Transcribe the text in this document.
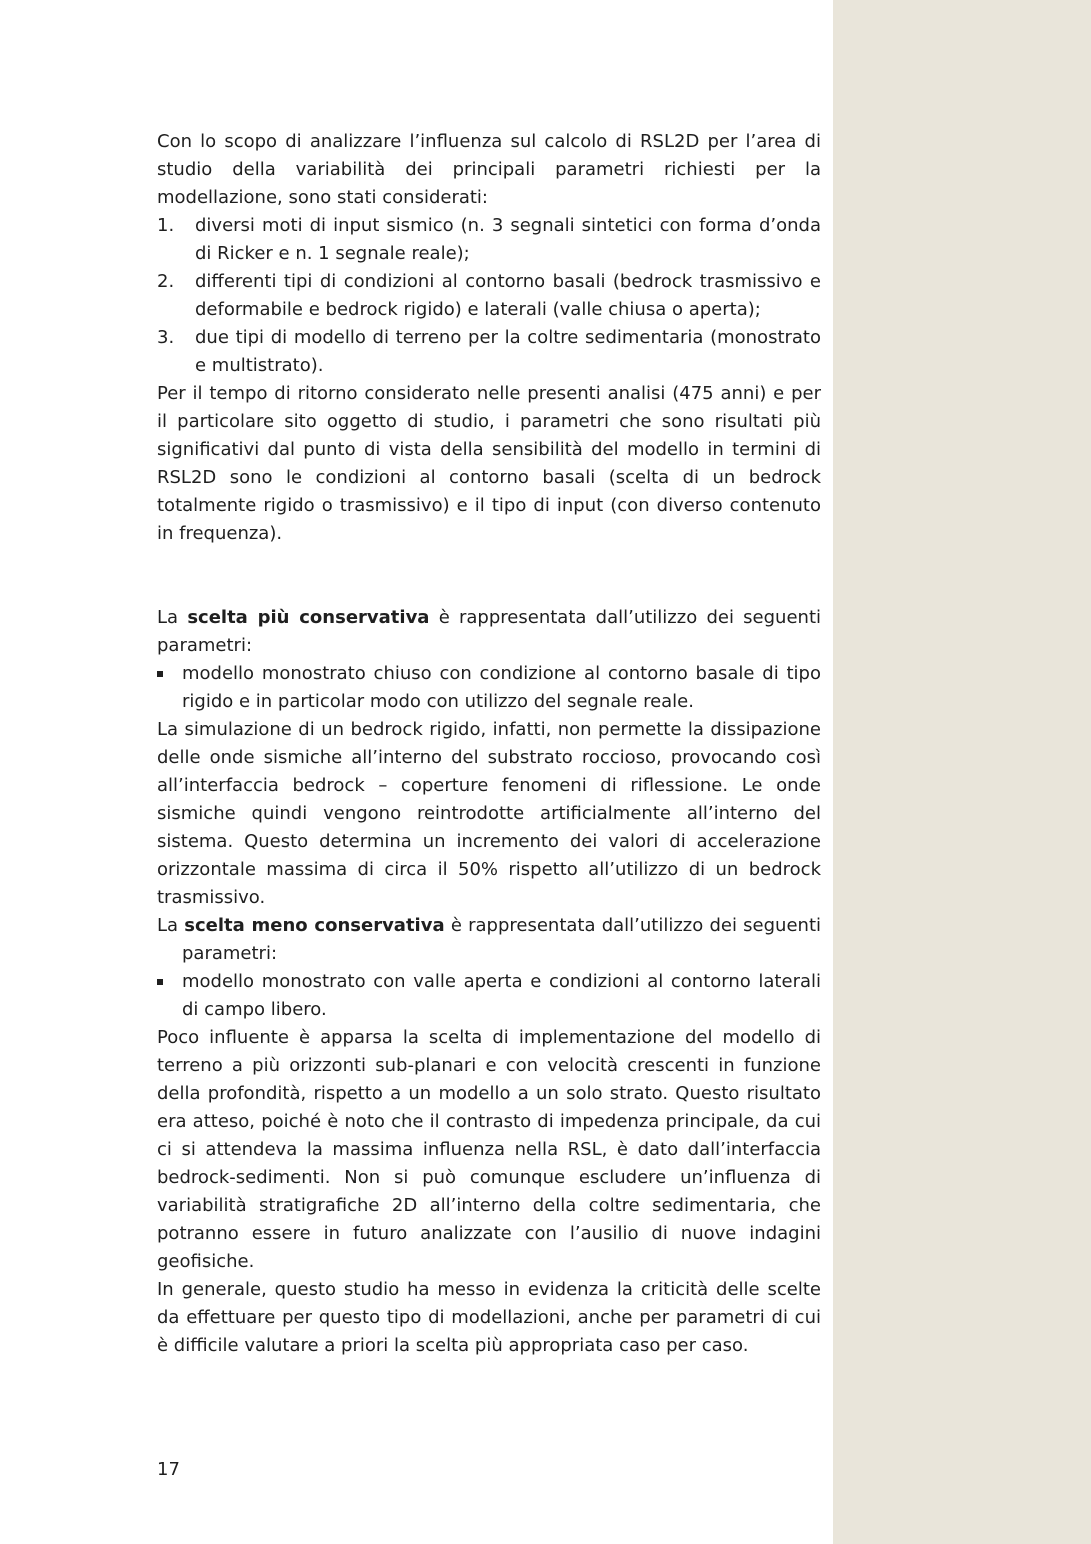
Con lo scopo di analizzare l’influenza sul calcolo di RSL2D per l’area di studio della variabilità dei principali parametri richiesti per la modellazione, sono stati considerati:

1. diversi moti di input sismico (n. 3 segnali sintetici con forma d’onda di Ricker e n. 1 segnale reale);
2. differenti tipi di condizioni al contorno basali (bedrock trasmissivo e deformabile e bedrock rigido) e laterali (valle chiusa o aperta);
3. due tipi di modello di terreno per la coltre sedimentaria (monostrato e multistrato).

Per il tempo di ritorno considerato nelle presenti analisi (475 anni) e per il particolare sito oggetto di studio, i parametri che sono risultati più significativi dal punto di vista della sensibilità del modello in termini di RSL2D sono le condizioni al contorno basali (scelta di un bedrock totalmente rigido o trasmissivo) e il tipo di input (con diverso contenuto in frequenza).

La scelta più conservativa è rappresentata dall’utilizzo dei seguenti parametri:

modello monostrato chiuso con condizione al contorno basale di tipo rigido e in particolar modo con utilizzo del segnale reale.

La simulazione di un bedrock rigido, infatti, non permette la dissipazione delle onde sismiche all’interno del substrato roccioso, provocando così all’interfaccia bedrock – coperture fenomeni di riflessione. Le onde sismiche quindi vengono reintrodotte artificialmente all’interno del sistema. Questo determina un incremento dei valori di accelerazione orizzontale massima di circa il 50% rispetto all’utilizzo di un bedrock trasmissivo.

La scelta meno conservativa è rappresentata dall’utilizzo dei seguenti parametri:

modello monostrato con valle aperta e condizioni al contorno laterali di campo libero.

Poco influente è apparsa la scelta di implementazione del modello di terreno a più orizzonti sub-planari e con velocità crescenti in funzione della profondità, rispetto a un modello a un solo strato. Questo risultato era atteso, poiché è noto che il contrasto di impedenza principale, da cui ci si attendeva la massima influenza nella RSL, è dato dall’interfaccia bedrock-sedimenti. Non si può comunque escludere un’influenza di variabilità stratigrafiche 2D all’interno della coltre sedimentaria, che potranno essere in futuro analizzate con l’ausilio di nuove indagini geofisiche.

In generale, questo studio ha messo in evidenza la criticità delle scelte da effettuare per questo tipo di modellazioni, anche per parametri di cui è difficile valutare a priori la scelta più appropriata caso per caso.

17
